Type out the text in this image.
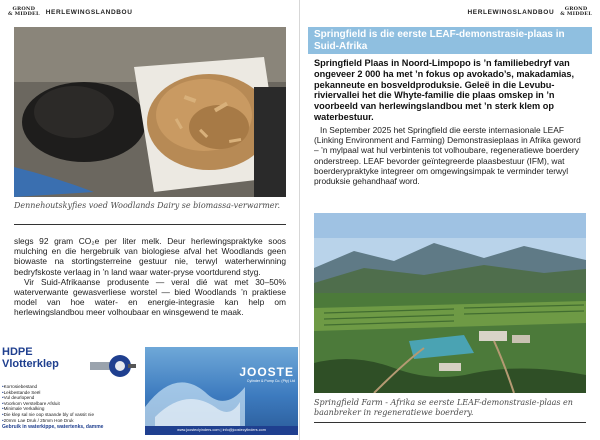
GROND
& MIDDEL HERLEWINGSLANDBOU
Dennehoutskyfies voed Woodlands Dairy se biomassa-verwarmer.

slegs 92 gram CO₂e per liter melk. Deur herlewingspraktyke soos mulching en die hergebruik van biologiese afval het Woodlands geen biowaste na stortingsterreine gestuur nie, terwyl waterherwinning bedryfskoste verlaag in ’n land waar water-pryse voortdurend styg.

Vir Suid-Afrikaanse produsente — veral dié wat met 30–50% waterverwante gewasverliese worstel — bied Woodlands ’n praktiese model van hoe water- en energie-integrasie kan help om herlewingslandbou meer volhoubaar en winsgewend te maak.

HDPE
Vlotterklep
• Korrosiebestand
• Lekbestande Seël
• Vul deurlopend
• Voorkom Verstelbare Afsluit
• Minimale Verkalking
• Die klep sal nie oop staande bly of vassit nie
• 20mm Lae Druk / 25mm Hoë Druk
Gebruik in waterkippe, watertenks, damme
JOOSTE
Cylinder & Pump Co. (Pty) Ltd
www.joosteclyinders.com | info@joostecylinders.com
HERLEWINGSLANDBOU	GROND
& MIDDEL
Springfield is die eerste LEAF-demonstrasie-plaas in Suid-Afrika
Springfield Plaas in Noord-Limpopo is ’n familiebedryf van ongeveer 2 000 ha met ’n fokus op avokado’s, makadamias, pekanneute en bosveldproduksie. Geleë in die Levubu-riviervallei het die Whyte-familie die plaas omskep in ’n voorbeeld van herlewingslandbou met ’n sterk klem op waterbestuur.

In September 2025 het Springfield die eerste internasionale LEAF (Linking Environment and Farming) Demonstrasieplaas in Afrika geword – ’n mylpaal wat hul verbintenis tot volhoubare, regeneratiewe boerdery onderstreep. LEAF bevorder geïntegreerde plaasbestuur (IFM), wat boerderypraktyke integreer om omgewingsimpak te verminder terwyl produksie gehandhaaf word.

Springfield Farm - Afrika se eerste LEAF-demonstrasie-plaas en baanbreker in regeneratiewe boerdery.
